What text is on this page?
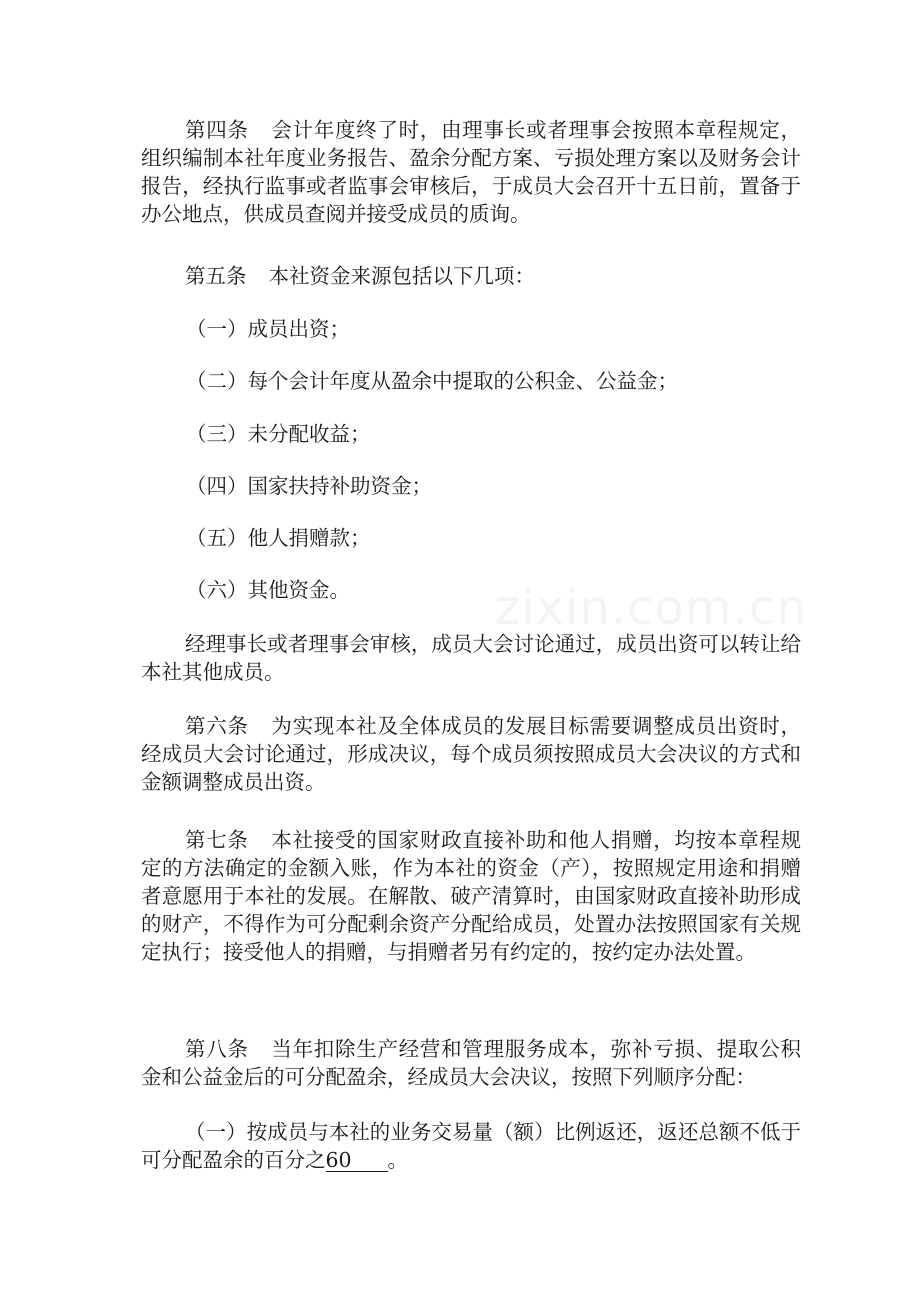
第四条 会计年度终了时，由理事长或者理事会按照本章程规定，组织编制本社年度业务报告、盈余分配方案、亏损处理方案以及财务会计报告，经执行监事或者监事会审核后，于成员大会召开十五日前，置备于办公地点，供成员查阅并接受成员的质询。

第五条 本社资金来源包括以下几项：

（一）成员出资；

（二）每个会计年度从盈余中提取的公积金、公益金；

（三）未分配收益；

（四）国家扶持补助资金；

（五）他人捐赠款；

（六）其他资金。

经理事长或者理事会审核，成员大会讨论通过，成员出资可以转让给本社其他成员。

第六条 为实现本社及全体成员的发展目标需要调整成员出资时，经成员大会讨论通过，形成决议，每个成员须按照成员大会决议的方式和金额调整成员出资。

第七条 本社接受的国家财政直接补助和他人捐赠，均按本章程规定的方法确定的金额入账，作为本社的资金（产），按照规定用途和捐赠者意愿用于本社的发展。在解散、破产清算时，由国家财政直接补助形成的财产，不得作为可分配剩余资产分配给成员，处置办法按照国家有关规定执行；接受他人的捐赠，与捐赠者另有约定的，按约定办法处置。

第八条 当年扣除生产经营和管理服务成本，弥补亏损、提取公积金和公益金后的可分配盈余，经成员大会决议，按照下列顺序分配：

（一）按成员与本社的业务交易量（额）比例返还，返还总额不低于可分配盈余的百分之60 。
